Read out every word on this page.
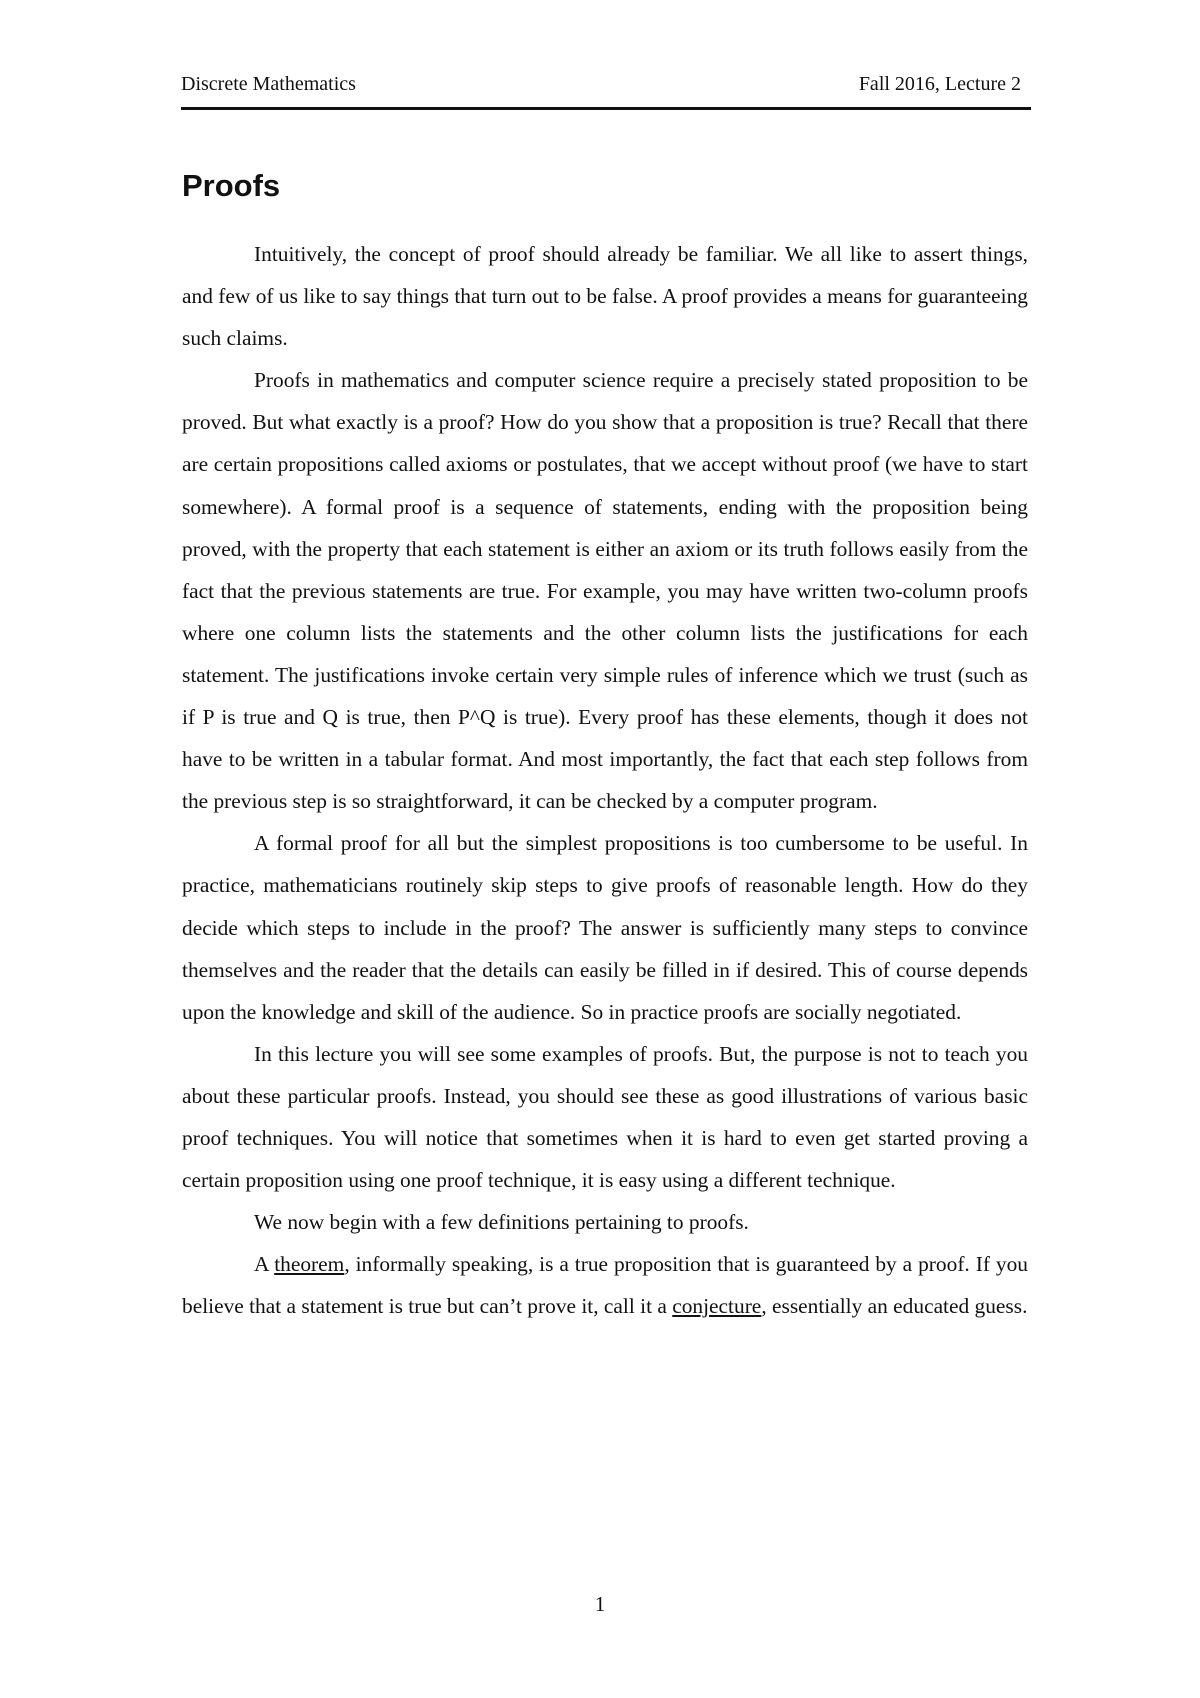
Discrete Mathematics	Fall 2016, Lecture 2
Proofs

Intuitively, the concept of proof should already be familiar. We all like to assert things, and few of us like to say things that turn out to be false. A proof provides a means for guaranteeing such claims.

Proofs in mathematics and computer science require a precisely stated proposition to be proved. But what exactly is a proof? How do you show that a proposition is true? Recall that there are certain propositions called axioms or postulates, that we accept without proof (we have to start somewhere). A formal proof is a sequence of statements, ending with the proposition being proved, with the property that each statement is either an axiom or its truth follows easily from the fact that the previous statements are true. For example, you may have written two-column proofs where one column lists the statements and the other column lists the justifications for each statement. The justifications invoke certain very simple rules of inference which we trust (such as if P is true and Q is true, then P^Q is true). Every proof has these elements, though it does not have to be written in a tabular format. And most importantly, the fact that each step follows from the previous step is so straightforward, it can be checked by a computer program.

A formal proof for all but the simplest propositions is too cumbersome to be useful. In practice, mathematicians routinely skip steps to give proofs of reasonable length. How do they decide which steps to include in the proof? The answer is sufficiently many steps to convince themselves and the reader that the details can easily be filled in if desired. This of course depends upon the knowledge and skill of the audience. So in practice proofs are socially negotiated.

In this lecture you will see some examples of proofs. But, the purpose is not to teach you about these particular proofs. Instead, you should see these as good illustrations of various basic proof techniques. You will notice that sometimes when it is hard to even get started proving a certain proposition using one proof technique, it is easy using a different technique.

We now begin with a few definitions pertaining to proofs.

A theorem, informally speaking, is a true proposition that is guaranteed by a proof. If you believe that a statement is true but can’t prove it, call it a conjecture, essentially an educated guess.

1
